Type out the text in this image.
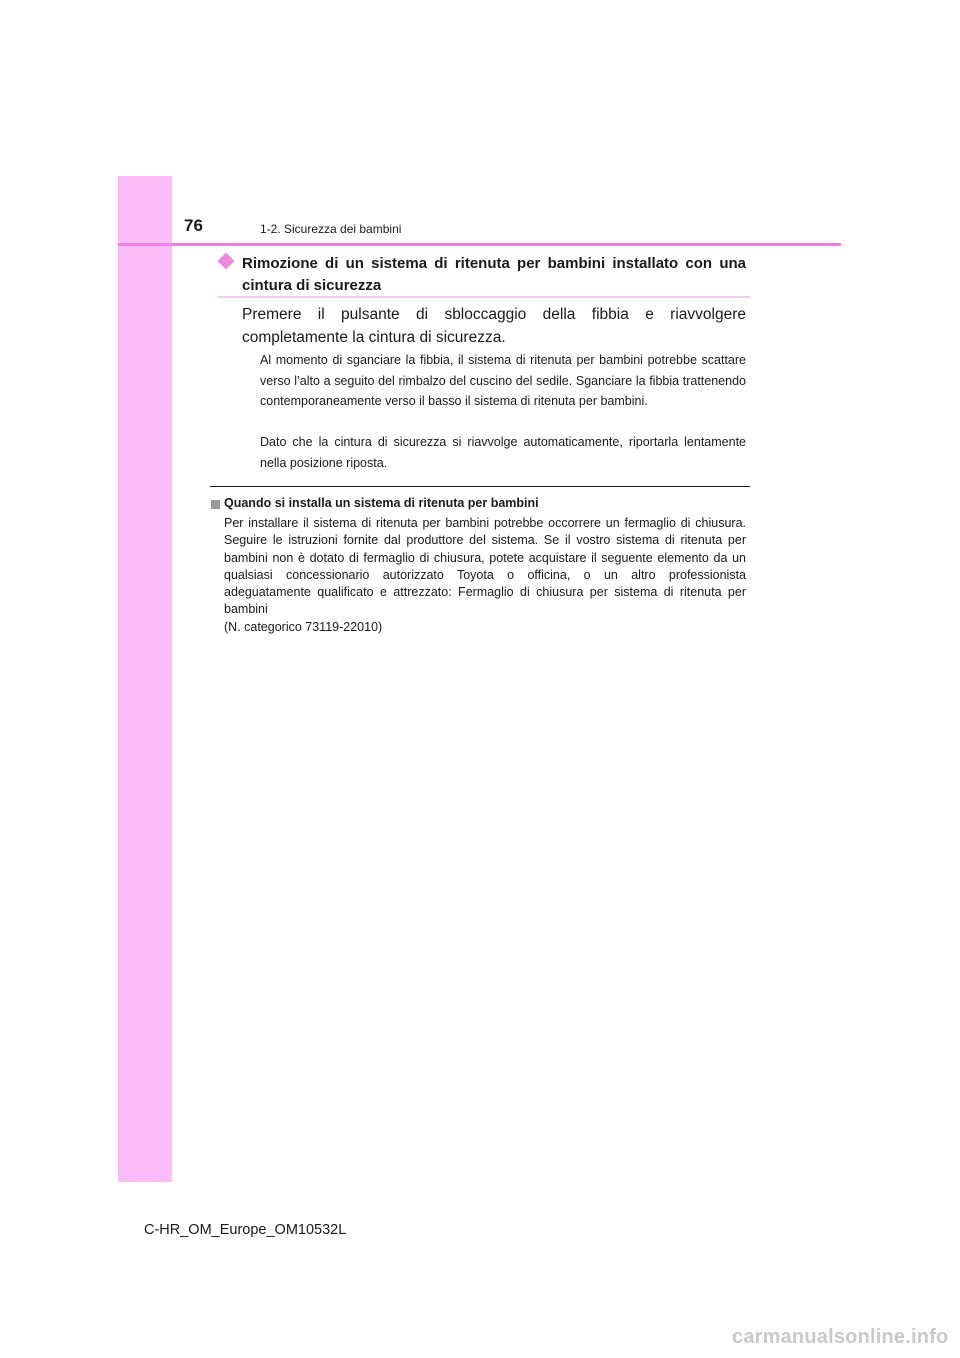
76	1-2. Sicurezza dei bambini
Rimozione di un sistema di ritenuta per bambini installato con una cintura di sicurezza
Premere il pulsante di sbloccaggio della fibbia e riavvolgere completamente la cintura di sicurezza.
Al momento di sganciare la fibbia, il sistema di ritenuta per bambini potrebbe scattare verso l’alto a seguito del rimbalzo del cuscino del sedile. Sganciare la fibbia trattenendo contemporaneamente verso il basso il sistema di ritenuta per bambini.
Dato che la cintura di sicurezza si riavvolge automaticamente, riportarla lentamente nella posizione riposta.
Quando si installa un sistema di ritenuta per bambini
Per installare il sistema di ritenuta per bambini potrebbe occorrere un fermaglio di chiusura. Seguire le istruzioni fornite dal produttore del sistema. Se il vostro sistema di ritenuta per bambini non è dotato di fermaglio di chiusura, potete acquistare il seguente elemento da un qualsiasi concessionario autorizzato Toyota o officina, o un altro professionista adeguatamente qualificato e attrezzato: Fermaglio di chiusura per sistema di ritenuta per bambini
(N. categorico 73119-22010)
C-HR_OM_Europe_OM10532L
carmanualsonline.info
